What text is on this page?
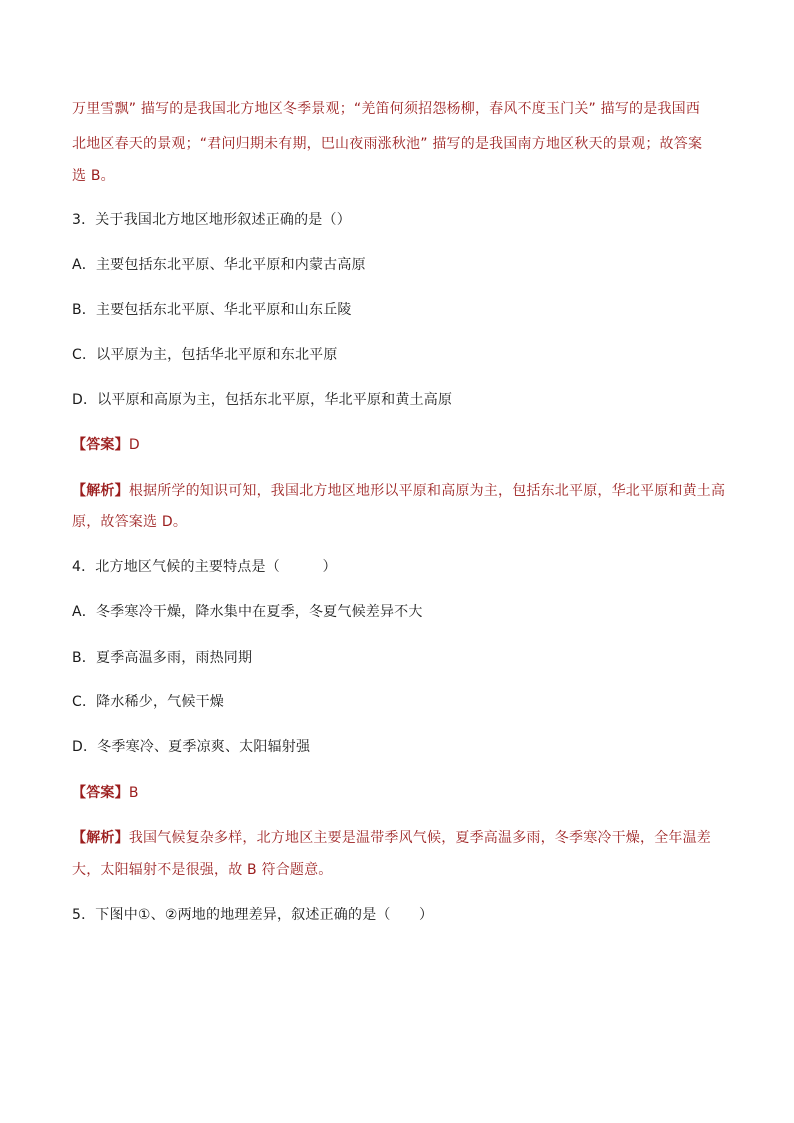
万里雪飘” 描写的是我国北方地区冬季景观；“羌笛何须招怨杨柳，春风不度玉门关” 描写的是我国西
北地区春天的景观；“君问归期未有期，巴山夜雨涨秋池” 描写的是我国南方地区秋天的景观；故答案
选 B。
3．关于我国北方地区地形叙述正确的是（）
A．主要包括东北平原、华北平原和内蒙古高原
B．主要包括东北平原、华北平原和山东丘陵
C．以平原为主，包括华北平原和东北平原
D．以平原和高原为主，包括东北平原，华北平原和黄土高原
【答案】D
【解析】根据所学的知识可知，我国北方地区地形以平原和高原为主，包括东北平原，华北平原和黄土高
原，故答案选 D。
4．北方地区气候的主要特点是（　　　）
A．冬季寒冷干燥，降水集中在夏季，冬夏气候差异不大
B．夏季高温多雨，雨热同期
C．降水稀少，气候干燥
D．冬季寒冷、夏季凉爽、太阳辐射强
【答案】B
【解析】我国气候复杂多样，北方地区主要是温带季风气候，夏季高温多雨，冬季寒冷干燥，全年温差
大，太阳辐射不是很强，故 B 符合题意。
5．下图中①、②两地的地理差异，叙述正确的是（　　）
